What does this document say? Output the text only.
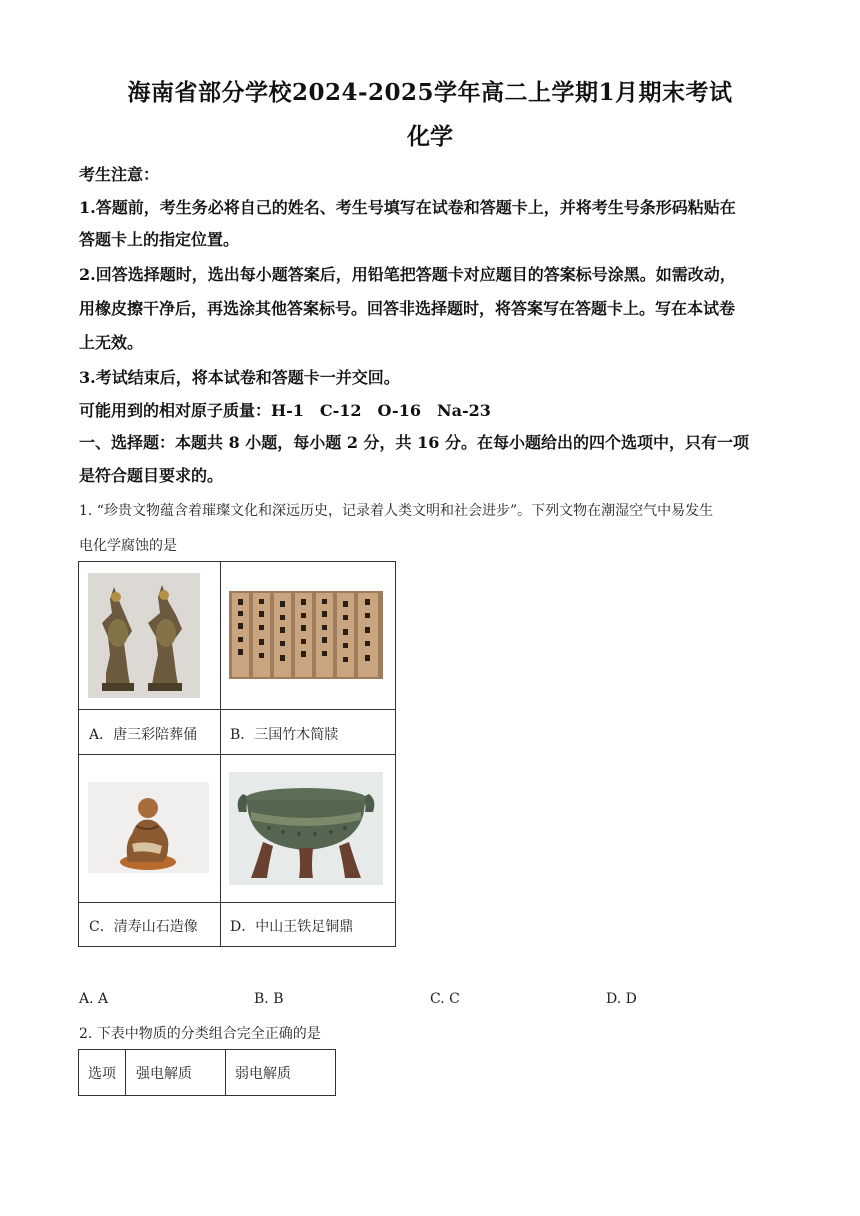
海南省部分学校2024-2025学年高二上学期1月期末考试
化学
考生注意：
1.答题前，考生务必将自己的姓名、考生号填写在试卷和答题卡上，并将考生号条形码粘贴在
答题卡上的指定位置。
2.回答选择题时，选出每小题答案后，用铅笔把答题卡对应题目的答案标号涂黑。如需改动，
用橡皮擦干净后，再选涂其他答案标号。回答非选择题时，将答案写在答题卡上。写在本试卷
上无效。
3.考试结束后，将本试卷和答题卡一并交回。
可能用到的相对原子质量：H-1　C-12　O-16　Na-23
一、选择题：本题共 8 小题，每小题 2 分，共 16 分。在每小题给出的四个选项中，只有一项
是符合题目要求的。
1. “珍贵文物蕴含着璀璨文化和深远历史，记录着人类文明和社会进步”。下列文物在潮湿空气中易发生
电化学腐蚀的是
A．唐三彩陪葬俑 B．三国竹木简牍
C．清寿山石造像 D．中山王铁足铜鼎
A. A	B. B	C. C	D. D
2. 下表中物质的分类组合完全正确的是
选项 强电解质	弱电解质
